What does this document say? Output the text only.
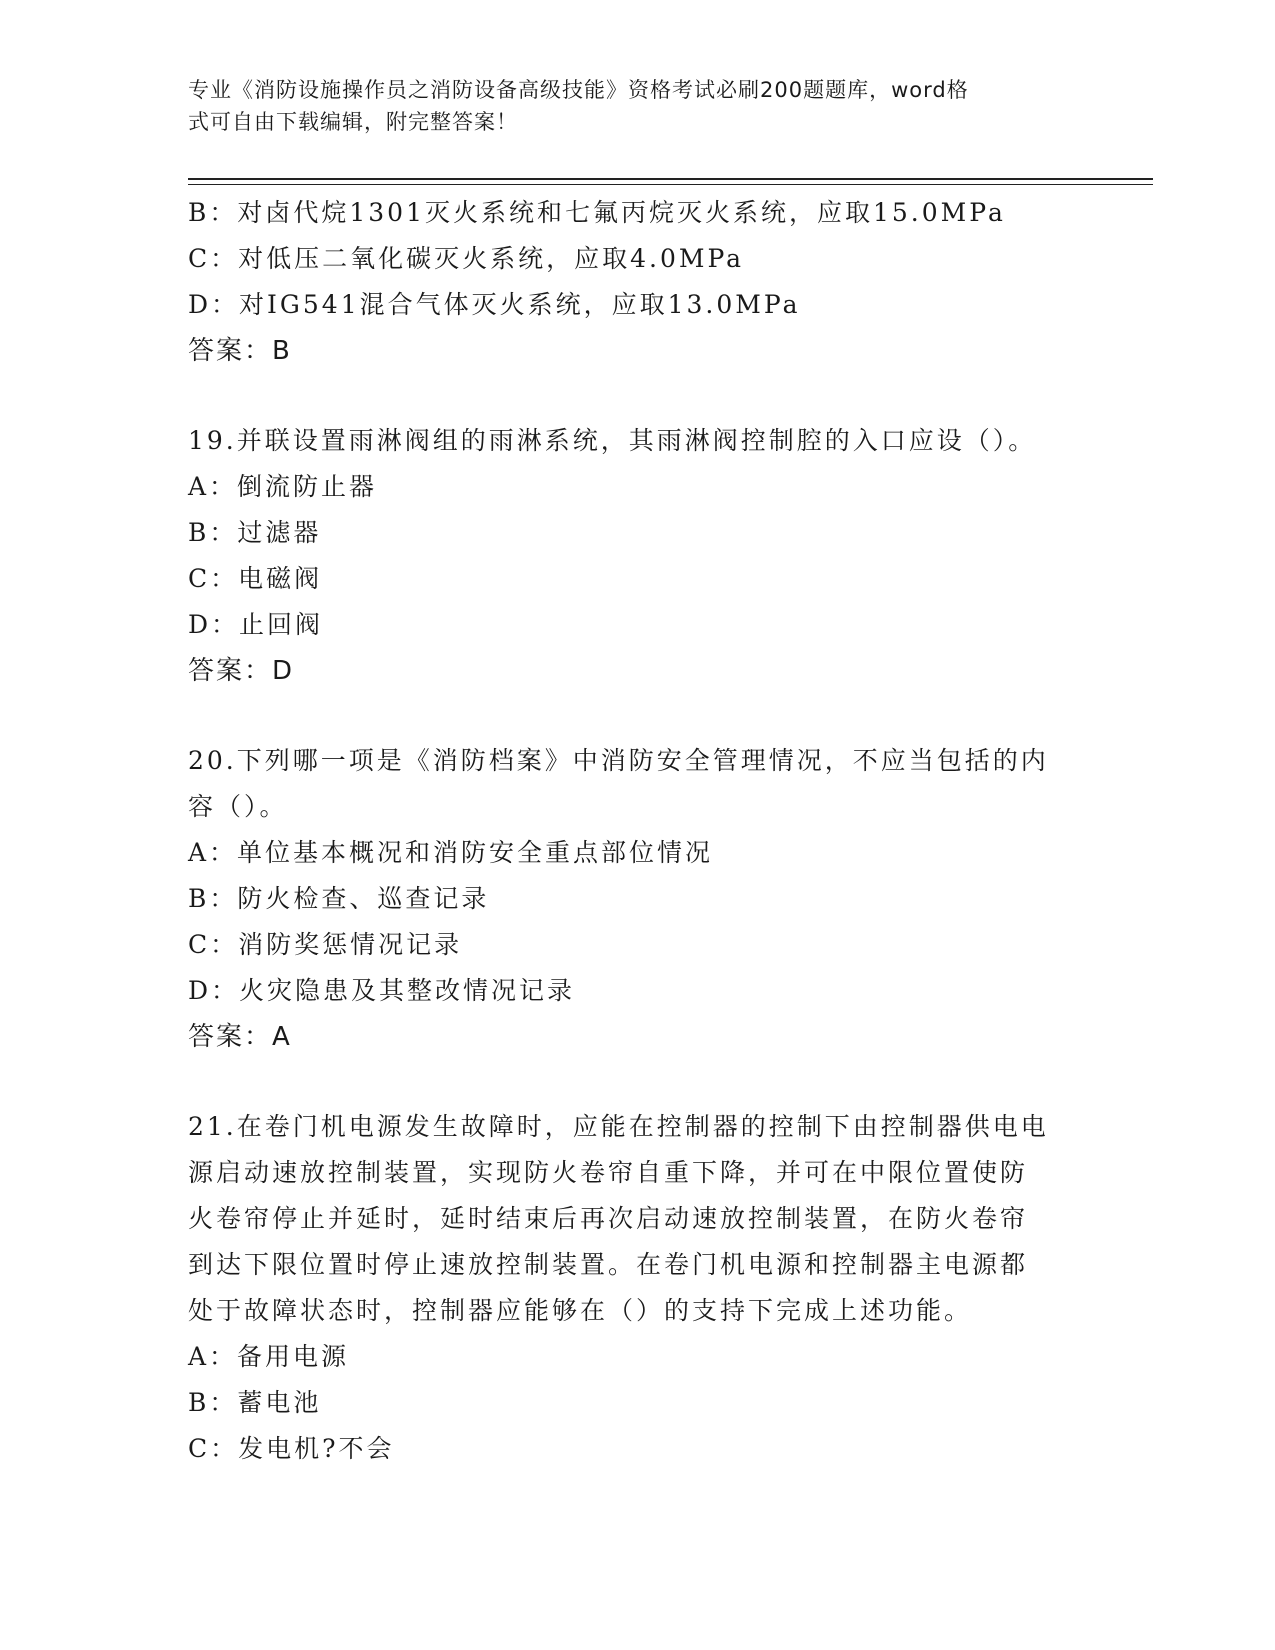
专业《消防设施操作员之消防设备高级技能》资格考试必刷200题题库，word格
式可自由下载编辑，附完整答案！
B：对卤代烷1301灭火系统和七氟丙烷灭火系统，应取15.0MPa
C：对低压二氧化碳灭火系统，应取4.0MPa
D：对IG541混合气体灭火系统，应取13.0MPa
答案：B
19.并联设置雨淋阀组的雨淋系统，其雨淋阀控制腔的入口应设（）。
A：倒流防止器
B：过滤器
C：电磁阀
D：止回阀
答案：D
20.下列哪一项是《消防档案》中消防安全管理情况，不应当包括的内
容（）。
A：单位基本概况和消防安全重点部位情况
B：防火检查、巡查记录
C：消防奖惩情况记录
D：火灾隐患及其整改情况记录
答案：A
21.在卷门机电源发生故障时，应能在控制器的控制下由控制器供电电
源启动速放控制装置，实现防火卷帘自重下降，并可在中限位置使防
火卷帘停止并延时，延时结束后再次启动速放控制装置，在防火卷帘
到达下限位置时停止速放控制装置。在卷门机电源和控制器主电源都
处于故障状态时，控制器应能够在（）的支持下完成上述功能。
A：备用电源
B：蓄电池
C：发电机?不会
